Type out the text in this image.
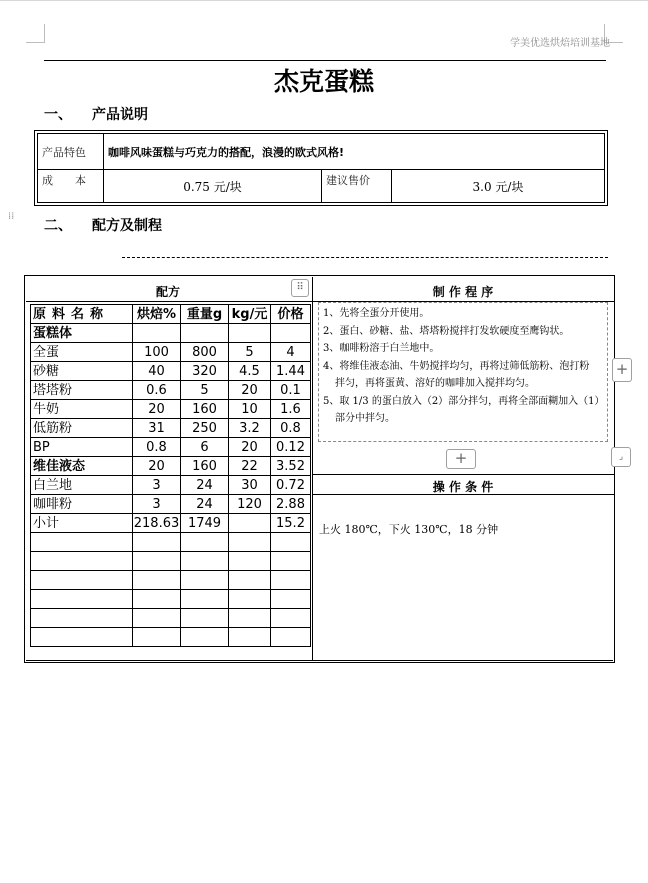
学美优选烘焙培训基地
杰克蛋糕
一、 产品说明
产品特色	咖啡风味蛋糕与巧克力的搭配，浪漫的欧式风格!		
成　　本	0.75 元/块	建议售价	3.0 元/块
⁞⁞
二、 配方及制程
配方	⠿
原料名称	烘焙%	重量g	kg/元	价格
蛋糕体				
全蛋	100	800	5	4
砂糖	40	320	4.5	1.44
塔塔粉	0.6	5	20	0.1
牛奶	20	160	10	1.6
低筋粉	31	250	3.2	0.8
BP	0.8	6	20	0.12
维佳液态	20	160	22	3.52
白兰地	3	24	30	0.72
咖啡粉	3	24	120	2.88
小计	218.63	1749		15.2

制 作 程 序
1、先将全蛋分开使用。
2、蛋白、砂糖、盐、塔塔粉搅拌打发软硬度至鹰钩状。
3、咖啡粉溶于白兰地中。
4、将维佳液态油、牛奶搅拌均匀，再将过筛低筋粉、泡打粉
拌匀，再将蛋黄、溶好的咖啡加入搅拌均匀。
5、取 1/3 的蛋白放入（2）部分拌匀，再将全部面糊加入（1）
部分中拌匀。
+
+	⌟
操 作 条 件
上火 180℃，下火 130℃，18 分钟
